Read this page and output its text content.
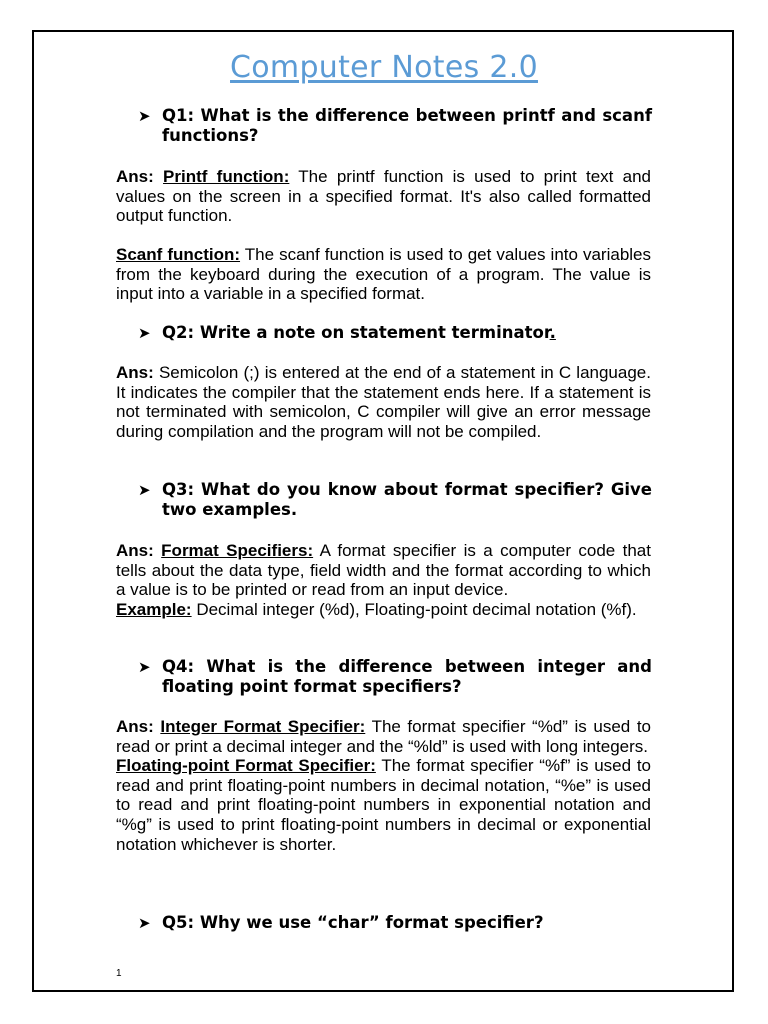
Computer Notes 2.0
➤ Q1: What is the difference between printf and scanf functions?
Ans: Printf function: The printf function is used to print text and values on the screen in a specified format. It's also called formatted output function.
Scanf function: The scanf function is used to get values into variables from the keyboard during the execution of a program. The value is input into a variable in a specified format.
➤ Q2: Write a note on statement terminator.
Ans: Semicolon (;) is entered at the end of a statement in C language. It indicates the compiler that the statement ends here. If a statement is not terminated with semicolon, C compiler will give an error message during compilation and the program will not be compiled.
➤ Q3: What do you know about format specifier? Give two examples.
Ans: Format Specifiers: A format specifier is a computer code that tells about the data type, field width and the format according to which a value is to be printed or read from an input device.
Example: Decimal integer (%d), Floating-point decimal notation (%f).
➤ Q4: What is the difference between integer and floating point format specifiers?
Ans: Integer Format Specifier: The format specifier “%d” is used to read or print a decimal integer and the “%ld” is used with long integers.
Floating-point Format Specifier: The format specifier “%f” is used to read and print floating-point numbers in decimal notation, “%e” is used to read and print floating-point numbers in exponential notation and “%g” is used to print floating-point numbers in decimal or exponential notation whichever is shorter.
➤ Q5: Why we use “char” format specifier?
1
